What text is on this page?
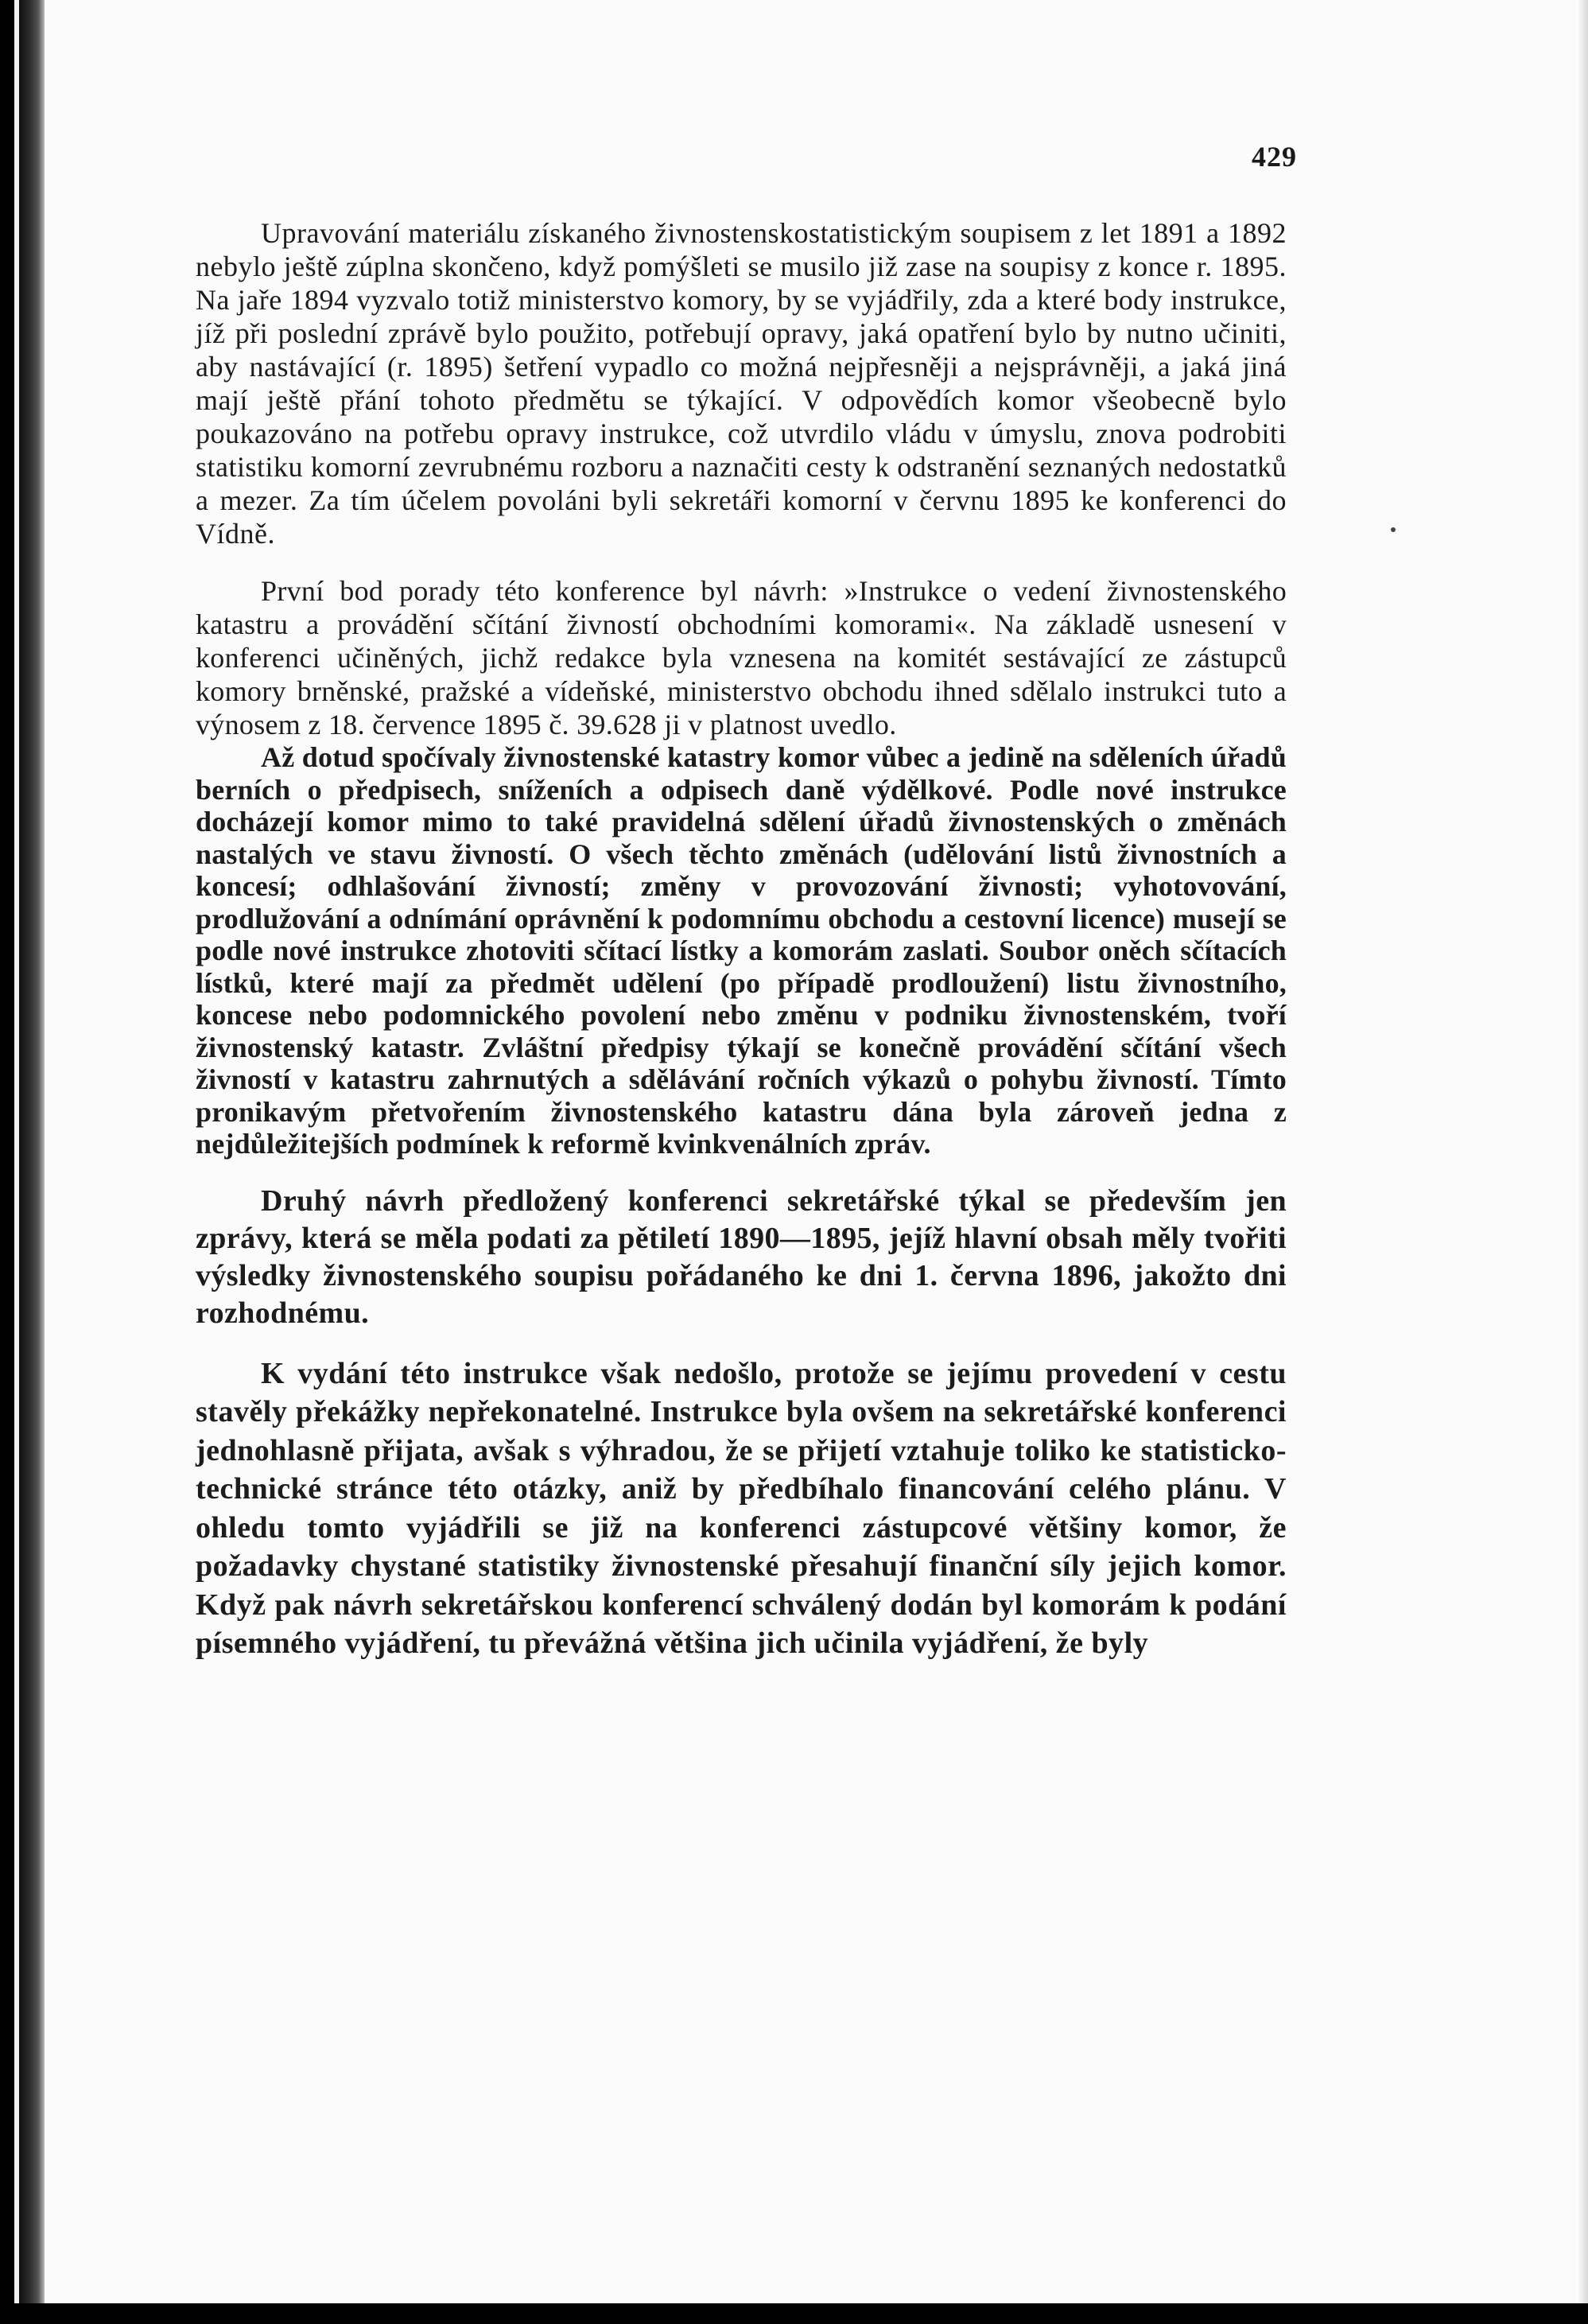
429

Upravování materiálu získaného živnostenskostatistickým soupisem z let 1891 a 1892 nebylo ještě zúplna skončeno, když pomýšleti se musilo již zase na soupisy z konce r. 1895. Na jaře 1894 vyzvalo totiž ministerstvo komory, by se vyjádřily, zda a které body instrukce, jíž při poslední zprávě bylo použito, potřebují opravy, jaká opatření bylo by nutno učiniti, aby nastávající (r. 1895) šetření vypadlo co možná nejpřesněji a nejsprávněji, a jaká jiná mají ještě přání tohoto předmětu se týkající. V odpovědích komor všeobecně bylo poukazováno na potřebu opravy instrukce, což utvrdilo vládu v úmyslu, znova podrobiti statistiku komorní zevrubnému rozboru a naznačiti cesty k odstranění seznaných nedostatků a mezer. Za tím účelem povoláni byli sekretáři komorní v červnu 1895 ke konferenci do Vídně.

První bod porady této konference byl návrh: »Instrukce o vedení živnostenského katastru a provádění sčítání živností obchodními komorami«. Na základě usnesení v konferenci učiněných, jichž redakce byla vznesena na komitét sestávající ze zástupců komory brněnské, pražské a vídeňské, ministerstvo obchodu ihned sdělalo instrukci tuto a výnosem z 18. července 1895 č. 39.628 ji v platnost uvedlo.

Až dotud spočívaly živnostenské katastry komor vůbec a jedině na sděleních úřadů berních o předpisech, sníženích a odpisech daně výdělkové. Podle nové instrukce docházejí komor mimo to také pravidelná sdělení úřadů živnostenských o změnách nastalých ve stavu živností. O všech těchto změnách (udělování listů živnostních a koncesí; odhlašování živností; změny v provozování živnosti; vyhotovování, prodlužování a odnímání oprávnění k podomnímu obchodu a cestovní licence) musejí se podle nové instrukce zhotoviti sčítací lístky a komorám zaslati. Soubor oněch sčítacích lístků, které mají za předmět udělení (po případě prodloužení) listu živnostního, koncese nebo podomnického povolení nebo změnu v podniku živnostenském, tvoří živnostenský katastr. Zvláštní předpisy týkají se konečně provádění sčítání všech živností v katastru zahrnutých a sdělávání ročních výkazů o pohybu živností. Tímto pronikavým přetvořením živnostenského katastru dána byla zároveň jedna z nejdůležitejších podmínek k reformě kvinkvenálních zpráv.

Druhý návrh předložený konferenci sekretářské týkal se především jen zprávy, která se měla podati za pětiletí 1890—1895, jejíž hlavní obsah měly tvořiti výsledky živnostenského soupisu pořádaného ke dni 1. června 1896, jakožto dni rozhodnému.

K vydání této instrukce však nedošlo, protože se jejímu provedení v cestu stavěly překážky nepřekonatelné. Instrukce byla ovšem na sekretářské konferenci jednohlasně přijata, avšak s výhradou, že se přijetí vztahuje toliko ke statisticko-technické stránce této otázky, aniž by předbíhalo financování celého plánu. V ohledu tomto vyjádřili se již na konferenci zástupcové většiny komor, že požadavky chystané statistiky živnostenské přesahují finanční síly jejich komor. Když pak návrh sekretářskou konferencí schválený dodán byl komorám k podání písemného vyjádření, tu převážná většina jich učinila vyjádření, že byly
